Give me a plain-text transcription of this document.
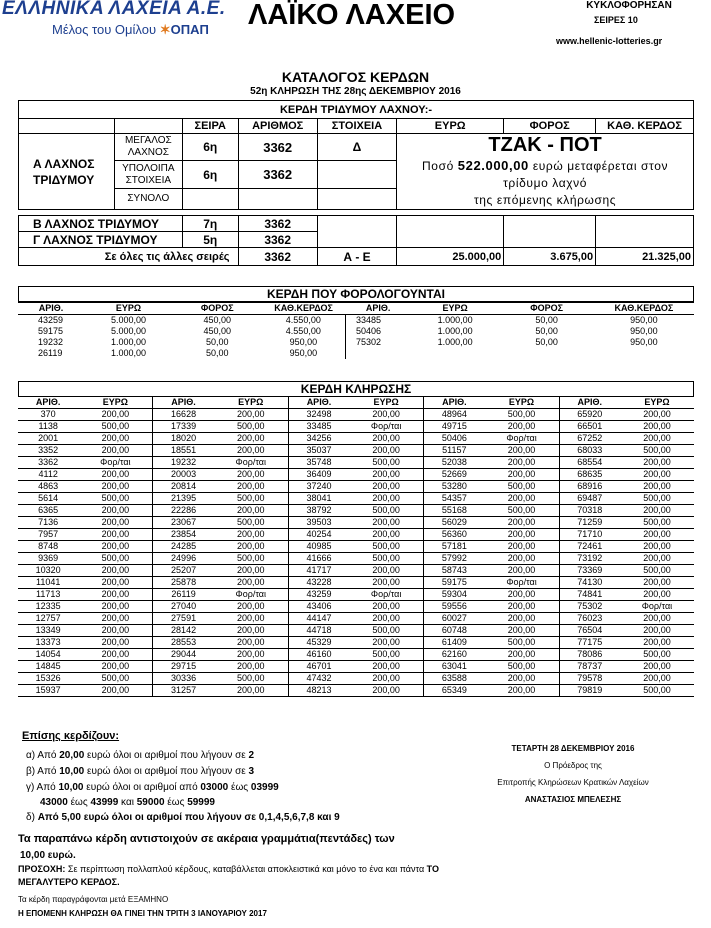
ΕΛΛΗΝΙΚΑ ΛΑΧΕΙΑ Α.Ε.
Μέλος του Ομίλου ✶ΟΠΑΠ ΛΑΪΚΟ ΛΑΧΕΙΟ	ΚΥΚΛΟΦΟΡΗΣΑΝ
ΣΕΙΡΕΣ 10
www.hellenic-lotteries.gr
ΚΑΤΑΛΟΓΟΣ ΚΕΡΔΩΝ
52η ΚΛΗΡΩΣΗ ΤΗΣ 28ης ΔΕΚΕΜΒΡΙΟΥ 2016
ΚΕΡΔΗ ΤΡΙΔΥΜΟΥ ΛΑΧΝΟΥ:-							
		ΣΕΙΡΑ	ΑΡΙΘΜΟΣ	ΣΤΟΙΧΕΙΑ	ΕΥΡΩ	ΦΟΡΟΣ	ΚΑΘ. ΚΕΡΔΟΣ
Α ΛΑΧΝΟΣ ΤΡΙΔΥΜΟΥ	ΜΕΓΑΛΟΣ ΛΑΧΝΟΣ	6η	3362	Δ	ΤΖΑΚ - ΠΟΤ
Ποσό 522.000,00 ευρώ μεταφέρεται στον
τρίδυμο λαχνό
της επόμενης κλήρωσης		

	ΥΠΟΛΟΙΠΑ ΣΤΟΙΧΕΙΑ	6η	3362				
	ΣΥΝΟΛΟ						

Β ΛΑΧΝΟΣ ΤΡΙΔΥΜΟΥ		7η	3362				
Γ ΛΑΧΝΟΣ ΤΡΙΔΥΜΟΥ		5η	3362				
Σε όλες τις άλλες σειρές			3362	Α - Ε	25.000,00	3.675,00	21.325,00
ΚΕΡΔΗ ΠΟΥ ΦΟΡΟΛΟΓΟΥΝΤΑΙ
ΑΡΙΘ.	ΕΥΡΩ	ΦΟΡΟΣ	ΚΑΘ.ΚΕΡΔΟΣ	ΑΡΙΘ.	ΕΥΡΩ	ΦΟΡΟΣ	ΚΑΘ.ΚΕΡΔΟΣ
43259	5.000,00	450,00	4.550,00	33485	1.000,00	50,00	950,00
59175	5.000,00	450,00	4.550,00	50406	1.000,00	50,00	950,00
19232	1.000,00	50,00	950,00	75302	1.000,00	50,00	950,00
26119	1.000,00	50,00	950,00				
ΚΕΡΔΗ ΚΛΗΡΩΣΗΣ
ΑΡΙΘ.	ΕΥΡΩ	ΑΡΙΘ.	ΕΥΡΩ	ΑΡΙΘ.	ΕΥΡΩ	ΑΡΙΘ.	ΕΥΡΩ	ΑΡΙΘ.	ΕΥΡΩ
370	200,00	16628	200,00	32498	200,00	48964	500,00	65920	200,00
1138	500,00	17339	500,00	33485	Φορ/ται	49715	200,00	66501	200,00
2001	200,00	18020	200,00	34256	200,00	50406	Φορ/ται	67252	200,00
3352	200,00	18551	200,00	35037	200,00	51157	200,00	68033	500,00
3362	Φορ/ται	19232	Φορ/ται	35748	500,00	52038	200,00	68554	200,00
4112	200,00	20003	200,00	36409	200,00	52669	200,00	68635	200,00
4863	200,00	20814	200,00	37240	200,00	53280	500,00	68916	200,00
5614	500,00	21395	500,00	38041	200,00	54357	200,00	69487	500,00
6365	200,00	22286	200,00	38792	500,00	55168	500,00	70318	200,00
7136	200,00	23067	500,00	39503	200,00	56029	200,00	71259	500,00
7957	200,00	23854	200,00	40254	200,00	56360	200,00	71710	200,00
8748	200,00	24285	200,00	40985	500,00	57181	200,00	72461	200,00
9369	500,00	24996	500,00	41666	500,00	57992	200,00	73192	200,00
10320	200,00	25207	200,00	41717	200,00	58743	200,00	73369	500,00
11041	200,00	25878	200,00	43228	200,00	59175	Φορ/ται	74130	200,00
11713	200,00	26119	Φορ/ται	43259	Φορ/ται	59304	200,00	74841	200,00
12335	200,00	27040	200,00	43406	200,00	59556	200,00	75302	Φορ/ται
12757	200,00	27591	200,00	44147	200,00	60027	200,00	76023	200,00
13349	200,00	28142	200,00	44718	500,00	60748	200,00	76504	200,00
13373	200,00	28553	200,00	45329	200,00	61409	500,00	77175	200,00
14054	200,00	29044	200,00	46160	500,00	62160	200,00	78086	500,00
14845	200,00	29715	200,00	46701	200,00	63041	500,00	78737	200,00
15326	500,00	30336	500,00	47432	200,00	63588	200,00	79578	200,00
15937	200,00	31257	200,00	48213	200,00	65349	200,00	79819	500,00
Επίσης κερδίζουν:
α) Από 20,00 ευρώ όλοι οι αριθμοί που λήγουν σε 2
β) Από 10,00 ευρώ όλοι οι αριθμοί που λήγουν σε 3
γ) Από 10,00 ευρώ όλοι οι αριθμοί από 03000 έως 03999
43000 έως 43999 και 59000 έως 59999
δ) Από 5,00 ευρώ όλοι οι αριθμοί που λήγουν σε 0,1,4,5,6,7,8 και 9
ΤΕΤΑΡΤΗ 28 ΔΕΚΕΜΒΡΙΟΥ 2016
Ο Πρόεδρος της
Επιτροπής Κληρώσεων Κρατικών Λαχείων
ΑΝΑΣΤΑΣΙΟΣ ΜΠΕΛΕΣΗΣ
Τα παραπάνω κέρδη αντιστοιχούν σε ακέραια γραμμάτια(πεντάδες) των
10,00 ευρώ.
ΠΡΟΣΟΧΗ: Σε περίπτωση πολλαπλού κέρδους, καταβάλλεται αποκλειστικά και μόνο το ένα και πάντα ΤΟ
ΜΕΓΑΛΥΤΕΡΟ ΚΕΡΔΟΣ.
Τα κέρδη παραγράφονται μετά ΕΞΑΜΗΝΟ
Η ΕΠΟΜΕΝΗ ΚΛΗΡΩΣΗ ΘΑ ΓΙΝΕΙ ΤΗΝ ΤΡΙΤΗ 3 ΙΑΝΟΥΑΡΙΟΥ 2017
